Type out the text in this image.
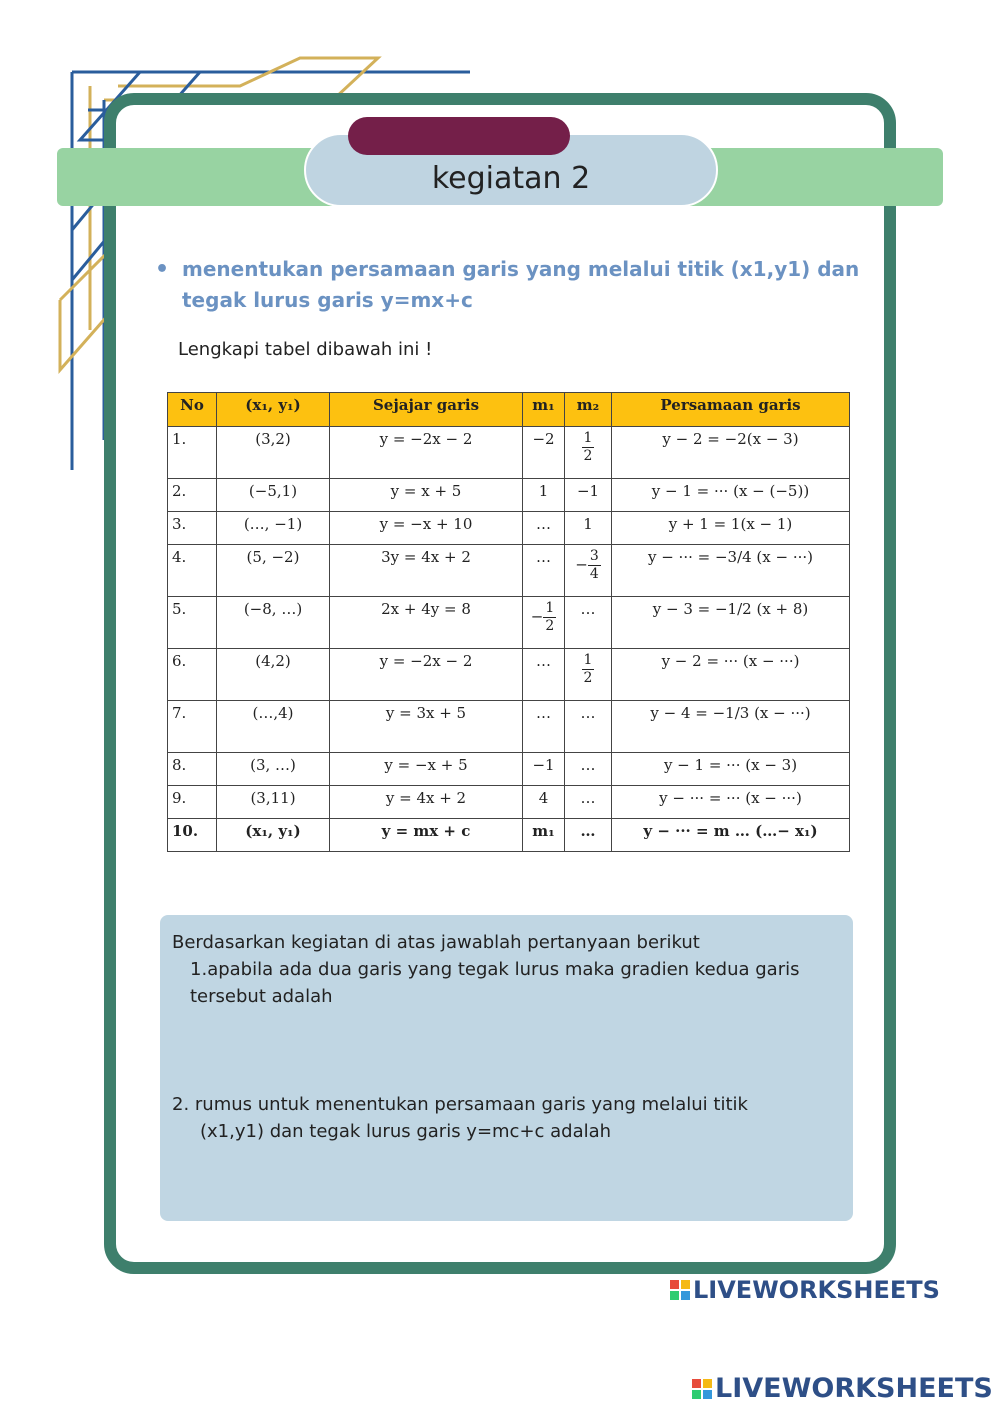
kegiatan 2
• menentukan persamaan garis yang melalui titik (x1,y1) dan
tegak lurus garis y=mx+c
Lengkapi tabel dibawah ini !
No	(x₁, y₁)	Sejajar garis	m₁	m₂	Persamaan garis
1.	(3,2)	y = −2x − 2	−2	$\frac{1}{2}$	y − 2 = −2(x − 3)
2.	(−5,1)	y = x + 5	1	−1	y − 1 = ··· (x − (−5))
3.	(…, −1)	y = −x + 10	…	1	y + 1 = 1(x − 1)
4.	(5, −2)	3y = 4x + 2	…	− $\frac{3}{4}$	y − ··· = −3/4 (x − ···)
5.	(−8, …)	2x + 4y = 8	− $\frac{1}{2}$	…	y − 3 = −1/2 (x + 8)
6.	(4,2)	y = −2x − 2	…	$\frac{1}{2}$	y − 2 = ··· (x − ···)
7.	(…,4)	y = 3x + 5	…	…	y − 4 = −1/3 (x − ···)
8.	(3, …)	y = −x + 5	−1	…	y − 1 = ··· (x − 3)
9.	(3,11)	y = 4x + 2	4	…	y − ··· = ··· (x − ···)
10.	(x₁, y₁)	y = mx + c	m₁	…	y − ··· = m … (…− x₁)
Berdasarkan kegiatan di atas jawablah pertanyaan berikut
1.apabila ada dua garis yang tegak lurus maka gradien kedua garis tersebut adalah
2. rumus untuk menentukan persamaan garis yang melalui titik
(x1,y1) dan tegak lurus garis y=mc+c adalah
LIVEWORKSHEETS
LIVEWORKSHEETS
